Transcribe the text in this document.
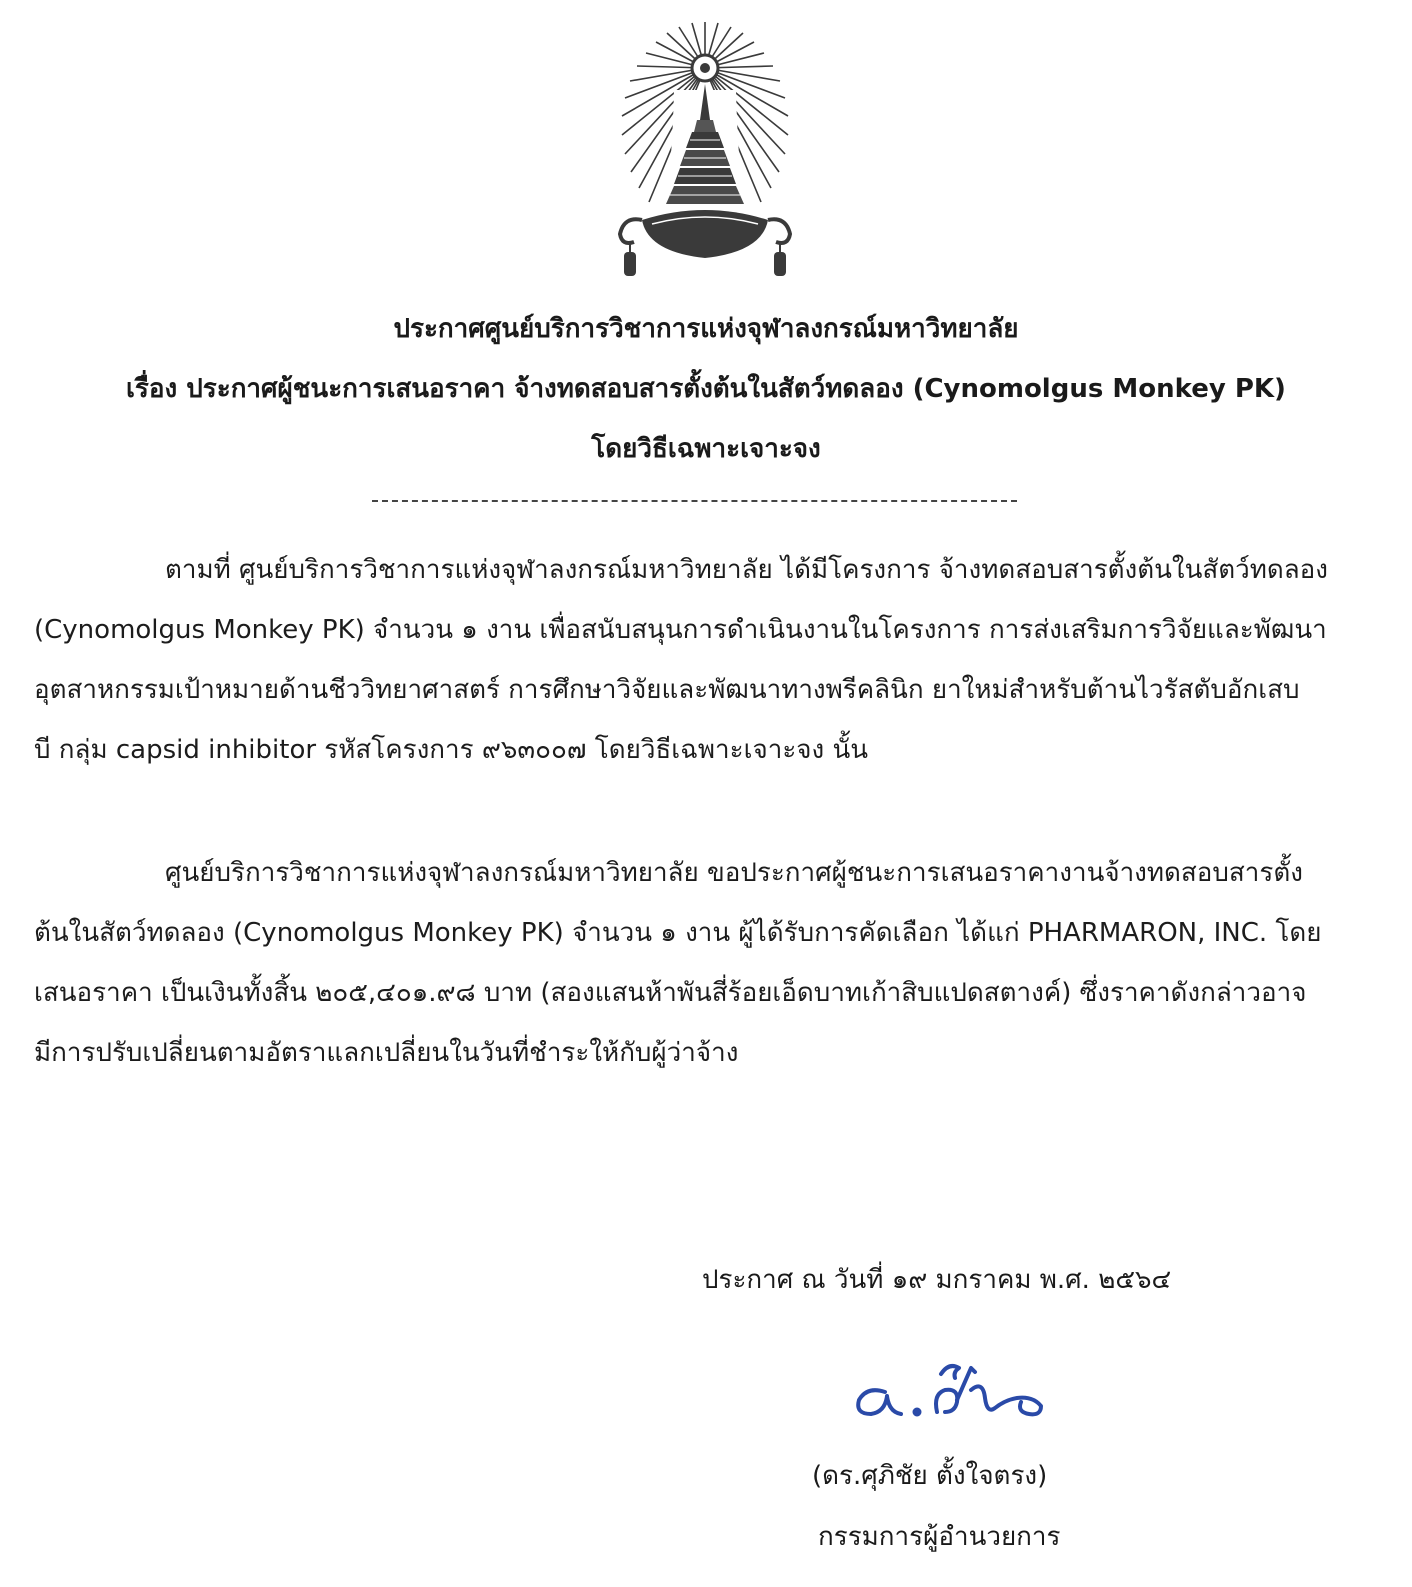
ประกาศศูนย์บริการวิชาการแห่งจุฬาลงกรณ์มหาวิทยาลัย
เรื่อง ประกาศผู้ชนะการเสนอราคา จ้างทดสอบสารตั้งต้นในสัตว์ทดลอง (Cynomolgus Monkey PK)
โดยวิธีเฉพาะเจาะจง
ตามที่ ศูนย์บริการวิชาการแห่งจุฬาลงกรณ์มหาวิทยาลัย ได้มีโครงการ จ้างทดสอบสารตั้งต้นในสัตว์ทดลอง
(Cynomolgus Monkey PK) จำนวน ๑ งาน เพื่อสนับสนุนการดำเนินงานในโครงการ การส่งเสริมการวิจัยและพัฒนา
อุตสาหกรรมเป้าหมายด้านชีววิทยาศาสตร์ การศึกษาวิจัยและพัฒนาทางพรีคลินิก ยาใหม่สำหรับต้านไวรัสตับอักเสบ
บี กลุ่ม capsid inhibitor รหัสโครงการ ๙๖๓๐๐๗ โดยวิธีเฉพาะเจาะจง นั้น
ศูนย์บริการวิชาการแห่งจุฬาลงกรณ์มหาวิทยาลัย ขอประกาศผู้ชนะการเสนอราคางานจ้างทดสอบสารตั้ง
ต้นในสัตว์ทดลอง (Cynomolgus Monkey PK) จำนวน ๑ งาน ผู้ได้รับการคัดเลือก ได้แก่ PHARMARON, INC. โดย
เสนอราคา เป็นเงินทั้งสิ้น ๒๐๕,๔๐๑.๙๘ บาท (สองแสนห้าพันสี่ร้อยเอ็ดบาทเก้าสิบแปดสตางค์) ซึ่งราคาดังกล่าวอาจ
มีการปรับเปลี่ยนตามอัตราแลกเปลี่ยนในวันที่ชำระให้กับผู้ว่าจ้าง
ประกาศ ณ วันที่ ๑๙ มกราคม พ.ศ. ๒๕๖๔
(ดร.ศุภิชัย ตั้งใจตรง)
กรรมการผู้อำนวยการ
